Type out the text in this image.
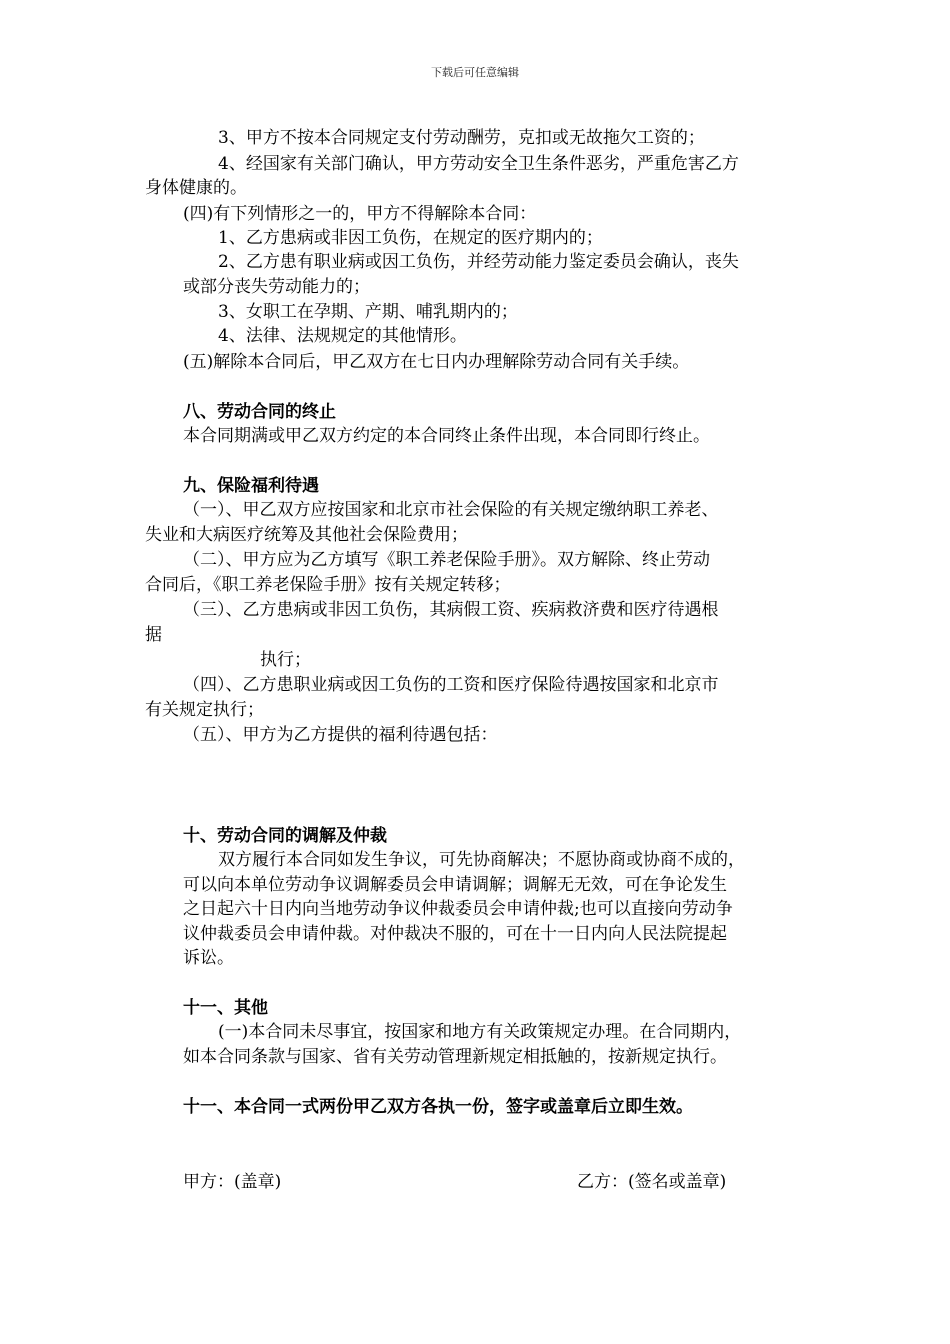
下载后可任意编辑
3、甲方不按本合同规定支付劳动酬劳，克扣或无故拖欠工资的；
4、经国家有关部门确认，甲方劳动安全卫生条件恶劣，严重危害乙方
身体健康的。
(四)有下列情形之一的，甲方不得解除本合同：
1、乙方患病或非因工负伤，在规定的医疗期内的；
2、乙方患有职业病或因工负伤，并经劳动能力鉴定委员会确认，丧失
或部分丧失劳动能力的；
3、女职工在孕期、产期、哺乳期内的；
4、法律、法规规定的其他情形。
(五)解除本合同后，甲乙双方在七日内办理解除劳动合同有关手续。
八、劳动合同的终止
本合同期满或甲乙双方约定的本合同终止条件出现，本合同即行终止。
九、保险福利待遇
（一）、甲乙双方应按国家和北京市社会保险的有关规定缴纳职工养老、
失业和大病医疗统筹及其他社会保险费用；
（二）、甲方应为乙方填写《职工养老保险手册》。双方解除、终止劳动
合同后，《职工养老保险手册》按有关规定转移；
（三）、乙方患病或非因工负伤，其病假工资、疾病救济费和医疗待遇根
据
执行；
（四）、乙方患职业病或因工负伤的工资和医疗保险待遇按国家和北京市
有关规定执行；
（五）、甲方为乙方提供的福利待遇包括：
十、劳动合同的调解及仲裁
双方履行本合同如发生争议，可先协商解决；不愿协商或协商不成的，
可以向本单位劳动争议调解委员会申请调解；调解无无效，可在争论发生
之日起六十日内向当地劳动争议仲裁委员会申请仲裁;也可以直接向劳动争
议仲裁委员会申请仲裁。对仲裁决不服的，可在十一日内向人民法院提起
诉讼。
十一、其他
(一)本合同未尽事宜，按国家和地方有关政策规定办理。在合同期内，
如本合同条款与国家、省有关劳动管理新规定相抵触的，按新规定执行。
十一、本合同一式两份甲乙双方各执一份，签字或盖章后立即生效。
甲方：(盖章)	乙方：(签名或盖章)
